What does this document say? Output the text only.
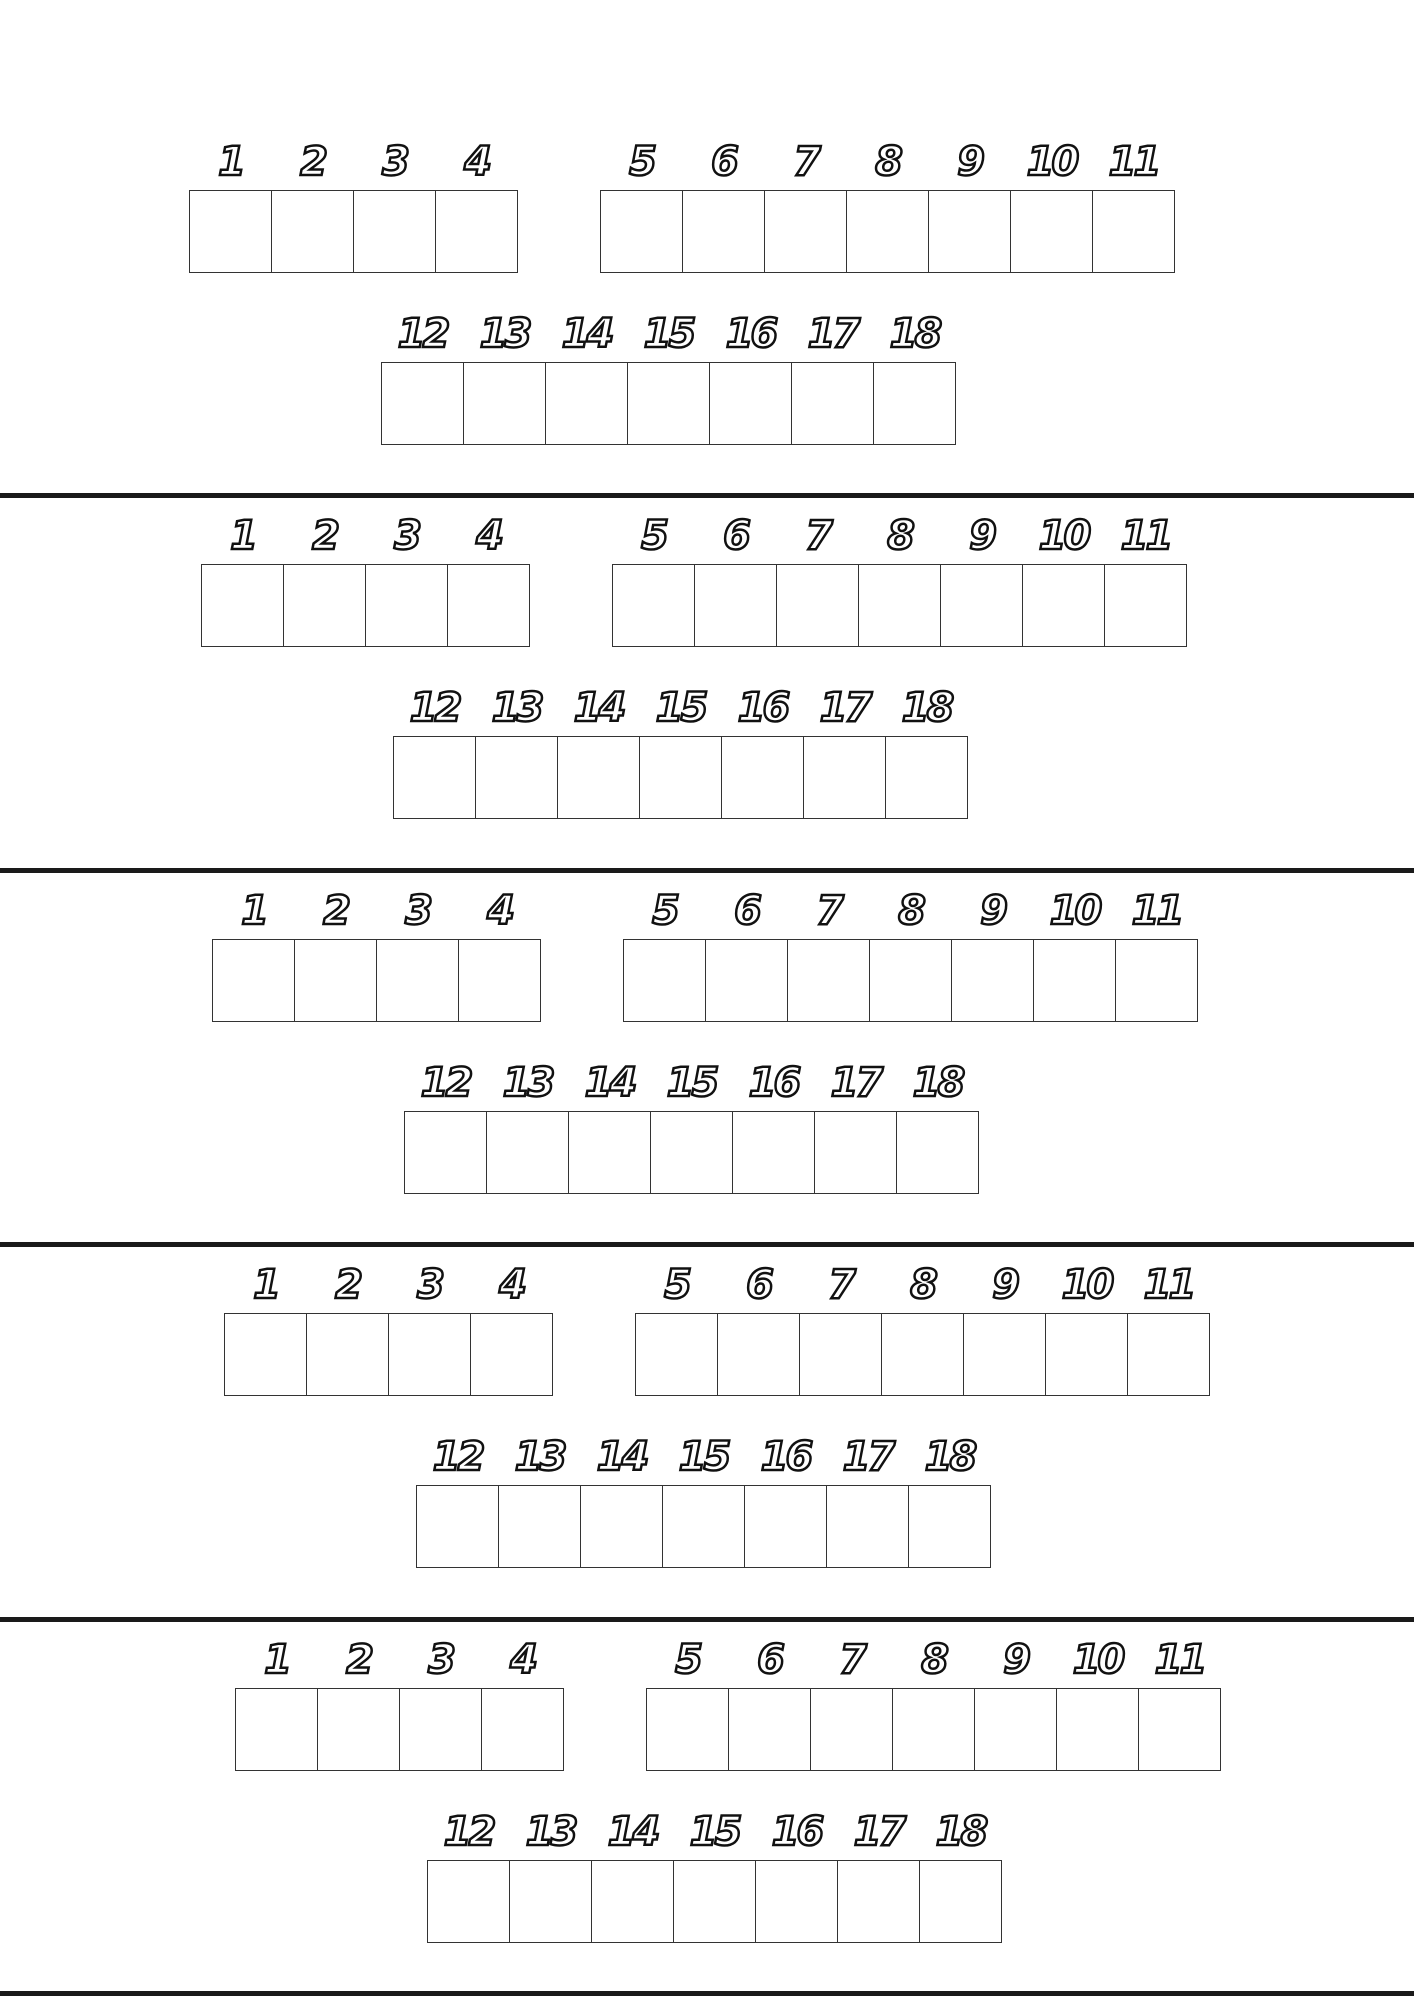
1	2	3	4	5	6	7	8	9	10 11
12 13 14 15 16 17 18
1	2	3	4	5	6	7	8	9	10 11
12 13 14 15 16 17 18
1	2	3	4	5	6	7	8	9	10 11
12 13 14 15 16 17 18
1	2	3	4	5	6	7	8	9	10 11
12 13 14 15 16 17 18
1	2	3	4	5	6	7	8	9	10 11
12 13 14 15 16 17 18
